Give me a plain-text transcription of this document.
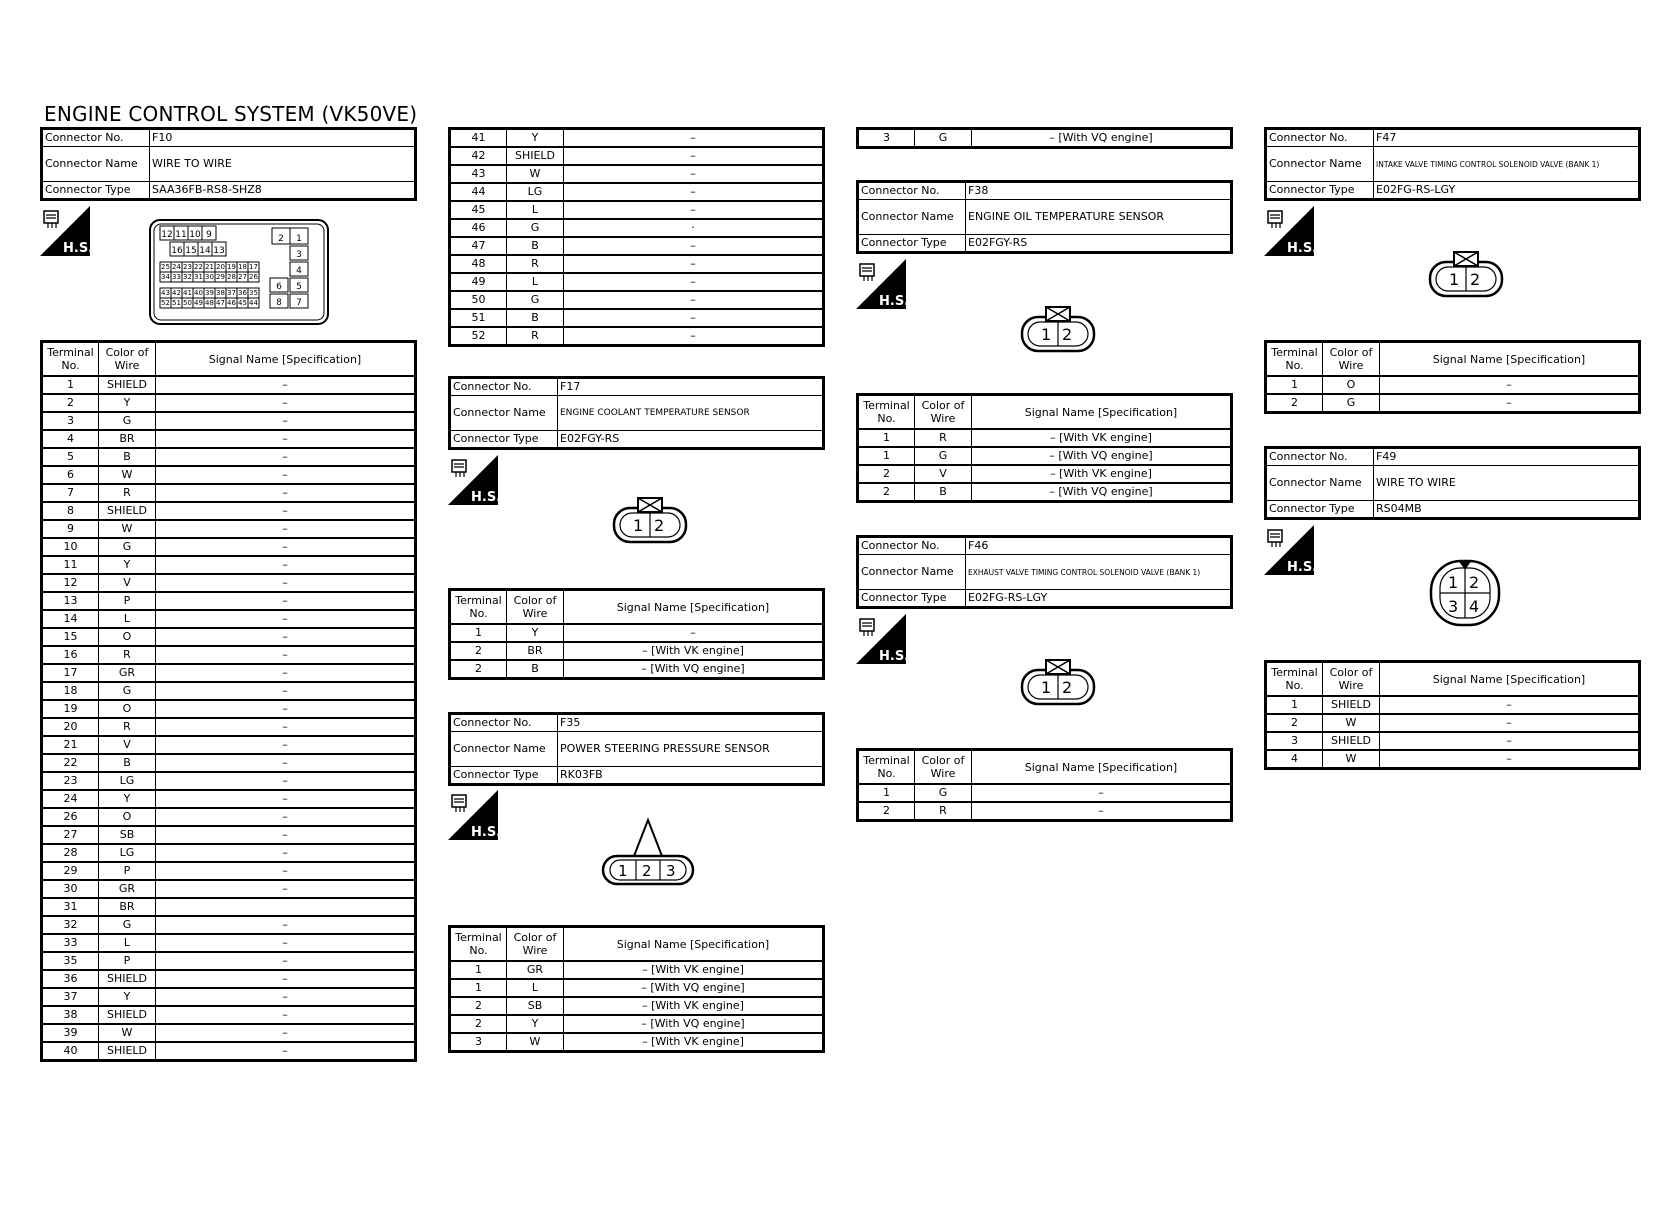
ENGINE CONTROL SYSTEM (VK50VE)
Connector No.	F10
Connector Name	WIRE TO WIRE
Connector Type	SAA36FB-RS8-SHZ8
H.S.
12 11 10 9	2 1
16 15 14 13
25 24 23 22 21 20 19 18 17
34 33 32 31 30 29 28 27 26
43 42 41 40 39 38 37 36 35
52 51 50 49 48 47 46 45 44
3
4
6 5
8 7
Terminal No.	Color of Wire	Signal Name [Specification]
1	SHIELD	–
2	Y	–
3	G	–
4	BR	–
5	B	–
6	W	–
7	R	–
8	SHIELD	–
9	W	–
10	G	–
11	Y	–
12	V	–
13	P	–
14	L	–
15	O	–
16	R	–
17	GR	–
18	G	–
19	O	–
20	R	–
21	V	–
22	B	–
23	LG	–
24	Y	–
26	O	–
27	SB	–
28	LG	–
29	P	–
30	GR	–
31	BR	
32	G	–
33	L	–
35	P	–
36	SHIELD	–
37	Y	–
38	SHIELD	–
39	W	–
40	SHIELD	–
41	Y	–
42	SHIELD	–
43	W	–
44	LG	–
45	L	–
46	G	·
47	B	–
48	R	–
49	L	–
50	G	–
51	B	–
52	R	–
Connector No.	F17
Connector Name	ENGINE COOLANT TEMPERATURE SENSOR
Connector Type	E02FGY-RS
H.S.
1 2
Terminal No.	Color of Wire	Signal Name [Specification]
1	Y	–
2	BR	– [With VK engine]
2	B	– [With VQ engine]
Connector No.	F35
Connector Name	POWER STEERING PRESSURE SENSOR
Connector Type	RK03FB
H.S.
1 2 3
Terminal No.	Color of Wire	Signal Name [Specification]
1	GR	– [With VK engine]
1	L	– [With VQ engine]
2	SB	– [With VK engine]
2	Y	– [With VQ engine]
3	W	– [With VK engine]
3	G	– [With VQ engine]
Connector No.	F38
Connector Name	ENGINE OIL TEMPERATURE SENSOR
Connector Type	E02FGY-RS
H.S.
1 2
Terminal No.	Color of Wire	Signal Name [Specification]
1	R	– [With VK engine]
1	G	– [With VQ engine]
2	V	– [With VK engine]
2	B	– [With VQ engine]
Connector No.	F46
Connector Name	EXHAUST VALVE TIMING CONTROL SOLENOID VALVE (BANK 1)
Connector Type	E02FG-RS-LGY
H.S.
1 2
Terminal No.	Color of Wire	Signal Name [Specification]
1	G	–
2	R	–
Connector No.	F47
Connector Name	INTAKE VALVE TIMING CONTROL SOLENOID VALVE (BANK 1)
Connector Type	E02FG-RS-LGY
H.S.
1 2
Terminal No.	Color of Wire	Signal Name [Specification]
1	O	–
2	G	–
Connector No.	F49
Connector Name	WIRE TO WIRE
Connector Type	RS04MB
H.S.
1 2
3 4
Terminal No.	Color of Wire	Signal Name [Specification]
1	SHIELD	–
2	W	–
3	SHIELD	–
4	W	–
